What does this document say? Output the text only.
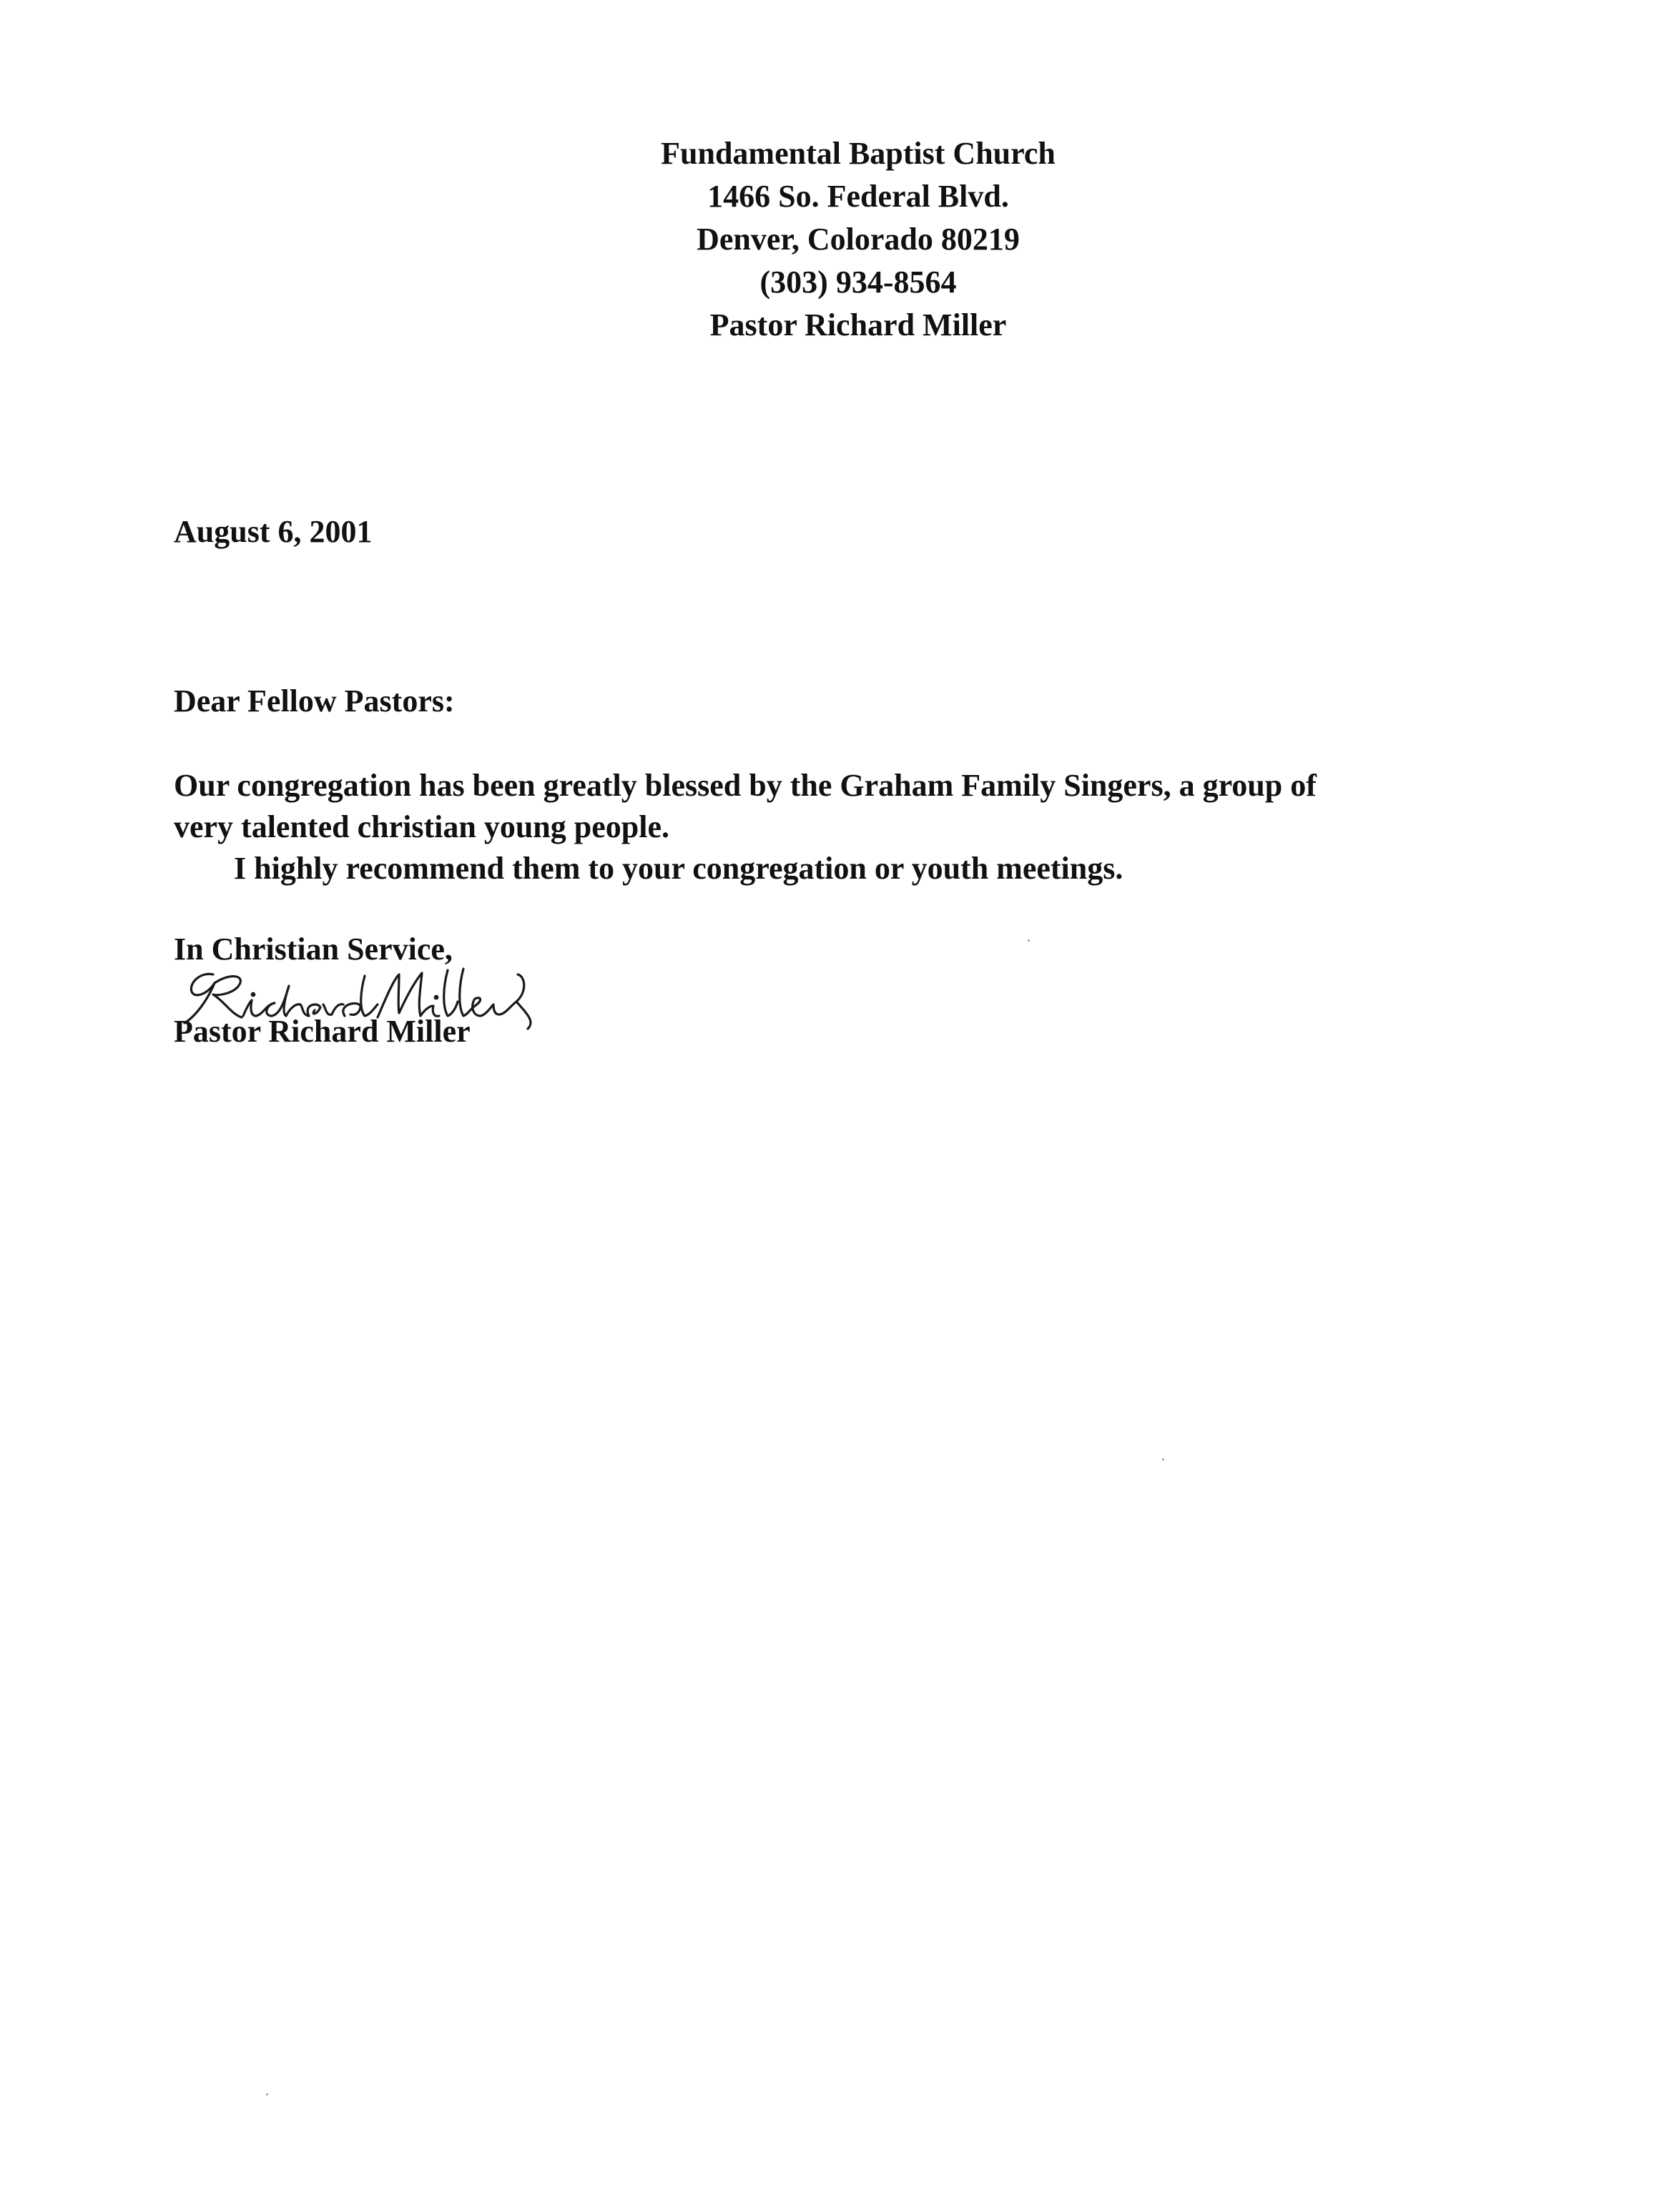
Fundamental Baptist Church
1466 So. Federal Blvd.
Denver, Colorado 80219
(303) 934-8564
Pastor Richard Miller
August 6, 2001
Dear Fellow Pastors:

Our congregation has been greatly blessed by the Graham Family Singers, a group of

very talented christian young people.

I highly recommend them to your congregation or youth meetings.

In Christian Service,
Pastor Richard Miller
